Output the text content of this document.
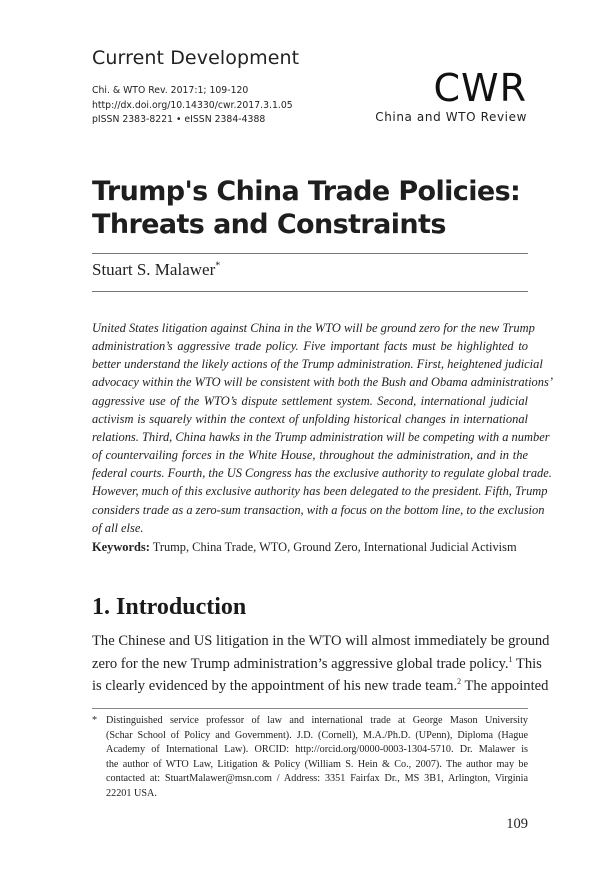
Current Development
Chi. & WTO Rev. 2017:1; 109-120
http://dx.doi.org/10.14330/cwr.2017.3.1.05
pISSN 2383-8221 • eISSN 2384-4388
CWR
China and WTO Review
Trump's China Trade Policies:
Threats and Constraints
Stuart S. Malawer*
United States litigation against China in the WTO will be ground zero for the new Trump
administration’s aggressive trade policy. Five important facts must be highlighted to
better understand the likely actions of the Trump administration. First, heightened judicial
advocacy within the WTO will be consistent with both the Bush and Obama administrations’
aggressive use of the WTO’s dispute settlement system. Second, international judicial
activism is squarely within the context of unfolding historical changes in international
relations. Third, China hawks in the Trump administration will be competing with a number
of countervailing forces in the White House, throughout the administration, and in the
federal courts. Fourth, the US Congress has the exclusive authority to regulate global trade.
However, much of this exclusive authority has been delegated to the president. Fifth, Trump
considers trade as a zero-sum transaction, with a focus on the bottom line, to the exclusion
of all else.
Keywords: Trump, China Trade, WTO, Ground Zero, International Judicial Activism
1. Introduction
The Chinese and US litigation in the WTO will almost immediately be ground
zero for the new Trump administration’s aggressive global trade policy.$^1$ This
is clearly evidenced by the appointment of his new trade team.$^2$ The appointed
* Distinguished service professor of law and international trade at George Mason University
(Schar School of Policy and Government). J.D. (Cornell), M.A./Ph.D. (UPenn), Diploma (Hague
Academy of International Law). ORCID: http://orcid.org/0000-0003-1304-5710. Dr. Malawer is
the author of WTO Law, Litigation & Policy (William S. Hein & Co., 2007). The author may be
contacted at: StuartMalawer@msn.com / Address: 3351 Fairfax Dr., MS 3B1, Arlington, Virginia
22201 USA.
109
